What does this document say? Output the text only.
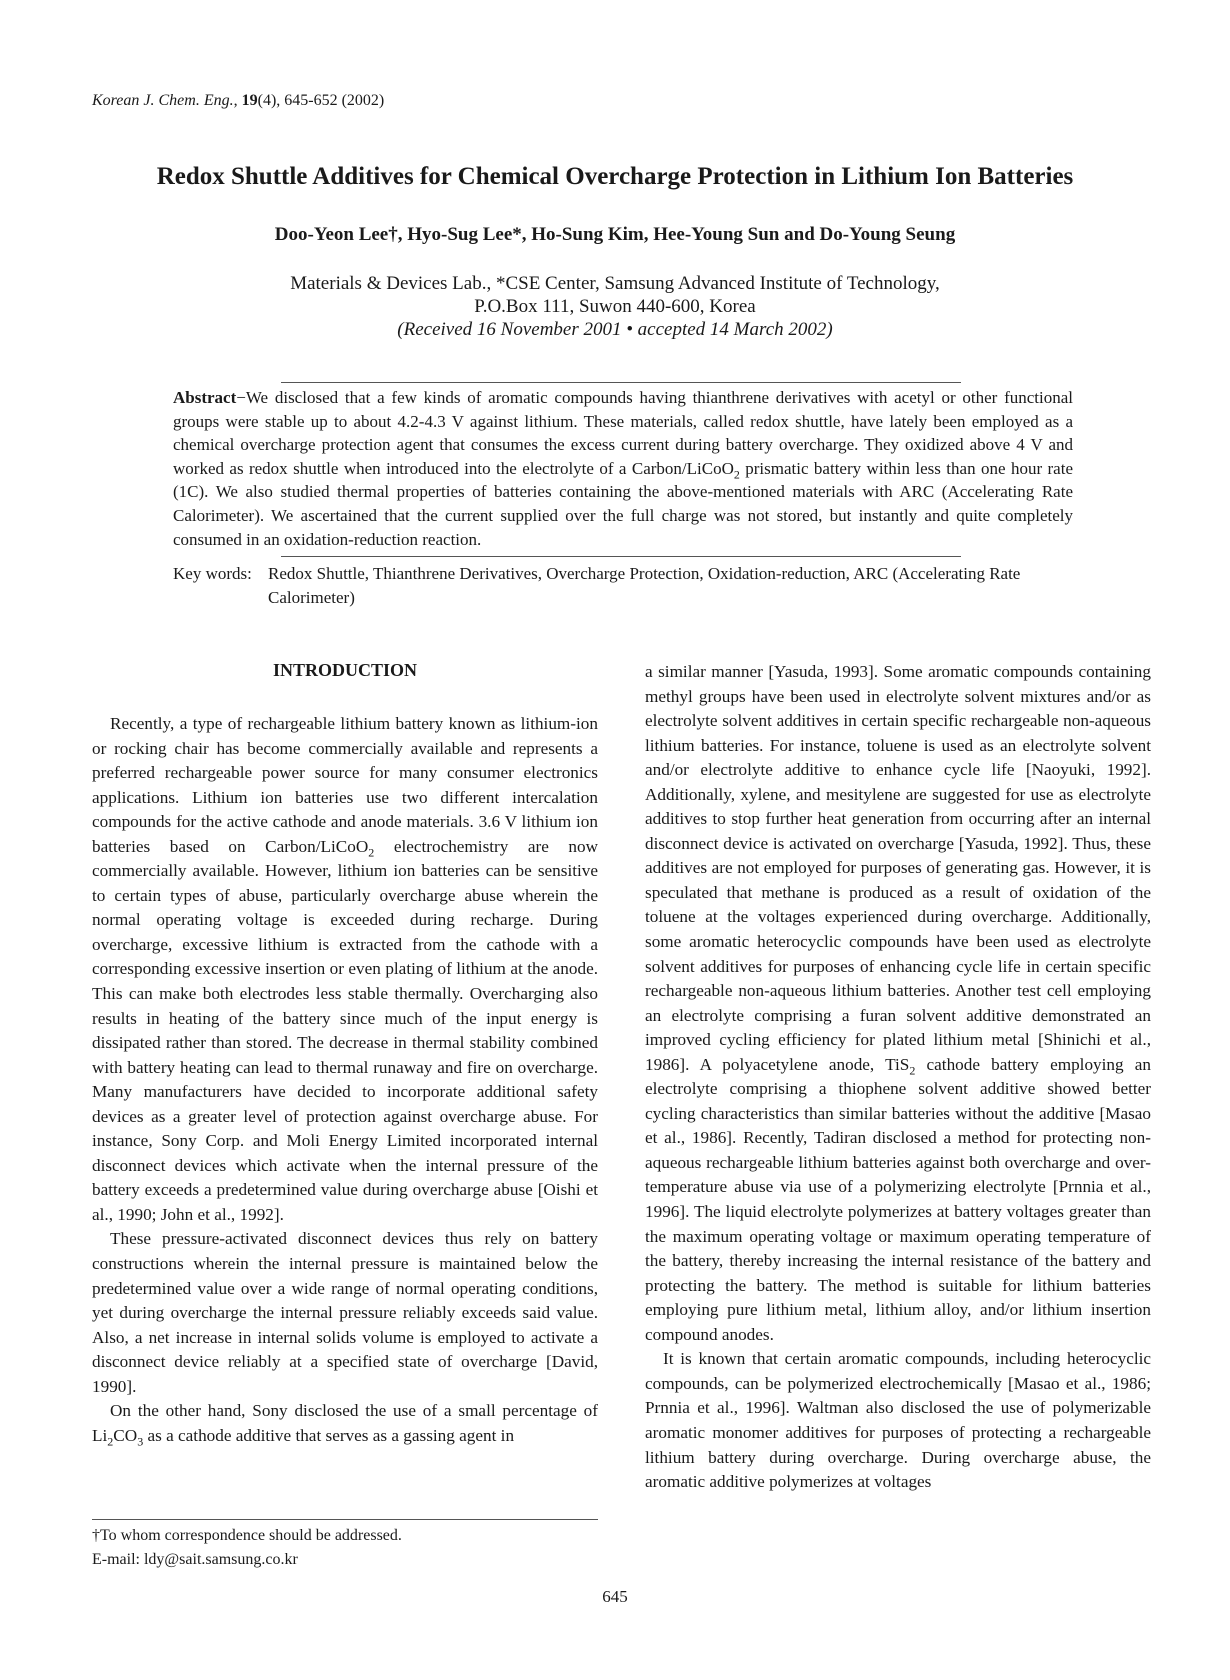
Korean J. Chem. Eng., 19(4), 645-652 (2002)
Redox Shuttle Additives for Chemical Overcharge Protection in Lithium Ion Batteries
Doo-Yeon Lee†, Hyo-Sug Lee*, Ho-Sung Kim, Hee-Young Sun and Do-Young Seung
Materials & Devices Lab., *CSE Center, Samsung Advanced Institute of Technology,
P.O.Box 111, Suwon 440-600, Korea
(Received 16 November 2001 • accepted 14 March 2002)
Abstract−We disclosed that a few kinds of aromatic compounds having thianthrene derivatives with acetyl or other functional groups were stable up to about 4.2-4.3 V against lithium. These materials, called redox shuttle, have lately been employed as a chemical overcharge protection agent that consumes the excess current during battery overcharge. They oxidized above 4 V and worked as redox shuttle when introduced into the electrolyte of a Carbon/LiCoO$_2$ prismatic battery within less than one hour rate (1C). We also studied thermal properties of batteries containing the above-mentioned materials with ARC (Accelerating Rate Calorimeter). We ascertained that the current supplied over the full charge was not stored, but instantly and quite completely consumed in an oxidation-reduction reaction.
Key words: Redox Shuttle, Thianthrene Derivatives, Overcharge Protection, Oxidation-reduction, ARC (Accelerating Rate Calorimeter)
INTRODUCTION

Recently, a type of rechargeable lithium battery known as lithium-ion or rocking chair has become commercially available and represents a preferred rechargeable power source for many consumer electronics applications. Lithium ion batteries use two different intercalation compounds for the active cathode and anode materials. 3.6 V lithium ion batteries based on Carbon/LiCoO$_2$ electrochemistry are now commercially available. However, lithium ion batteries can be sensitive to certain types of abuse, particularly overcharge abuse wherein the normal operating voltage is exceeded during recharge. During overcharge, excessive lithium is extracted from the cathode with a corresponding excessive insertion or even plating of lithium at the anode. This can make both electrodes less stable thermally. Overcharging also results in heating of the battery since much of the input energy is dissipated rather than stored. The decrease in thermal stability combined with battery heating can lead to thermal runaway and fire on overcharge. Many manufacturers have decided to incorporate additional safety devices as a greater level of protection against overcharge abuse. For instance, Sony Corp. and Moli Energy Limited incorporated internal disconnect devices which activate when the internal pressure of the battery exceeds a predetermined value during overcharge abuse [Oishi et al., 1990; John et al., 1992].

These pressure-activated disconnect devices thus rely on battery constructions wherein the internal pressure is maintained below the predetermined value over a wide range of normal operating conditions, yet during overcharge the internal pressure reliably exceeds said value. Also, a net increase in internal solids volume is employed to activate a disconnect device reliably at a specified state of overcharge [David, 1990].

On the other hand, Sony disclosed the use of a small percentage of $Li_2CO_3$ as a cathode additive that serves as a gassing agent in

†To whom correspondence should be addressed.
E-mail: ldy@sait.samsung.co.kr

a similar manner [Yasuda, 1993]. Some aromatic compounds containing methyl groups have been used in electrolyte solvent mixtures and/or as electrolyte solvent additives in certain specific rechargeable non-aqueous lithium batteries. For instance, toluene is used as an electrolyte solvent and/or electrolyte additive to enhance cycle life [Naoyuki, 1992]. Additionally, xylene, and mesitylene are suggested for use as electrolyte additives to stop further heat generation from occurring after an internal disconnect device is activated on overcharge [Yasuda, 1992]. Thus, these additives are not employed for purposes of generating gas. However, it is speculated that methane is produced as a result of oxidation of the toluene at the voltages experienced during overcharge. Additionally, some aromatic heterocyclic compounds have been used as electrolyte solvent additives for purposes of enhancing cycle life in certain specific rechargeable non-aqueous lithium batteries. Another test cell employing an electrolyte comprising a furan solvent additive demonstrated an improved cycling efficiency for plated lithium metal [Shinichi et al., 1986]. A polyacetylene anode, TiS$_2$ cathode battery employing an electrolyte comprising a thiophene solvent additive showed better cycling characteristics than similar batteries without the additive [Masao et al., 1986]. Recently, Tadiran disclosed a method for protecting non-aqueous rechargeable lithium batteries against both overcharge and over-temperature abuse via use of a polymerizing electrolyte [Prnnia et al., 1996]. The liquid electrolyte polymerizes at battery voltages greater than the maximum operating voltage or maximum operating temperature of the battery, thereby increasing the internal resistance of the battery and protecting the battery. The method is suitable for lithium batteries employing pure lithium metal, lithium alloy, and/or lithium insertion compound anodes.

It is known that certain aromatic compounds, including heterocyclic compounds, can be polymerized electrochemically [Masao et al., 1986; Prnnia et al., 1996]. Waltman also disclosed the use of polymerizable aromatic monomer additives for purposes of protecting a rechargeable lithium battery during overcharge. During overcharge abuse, the aromatic additive polymerizes at voltages

645
